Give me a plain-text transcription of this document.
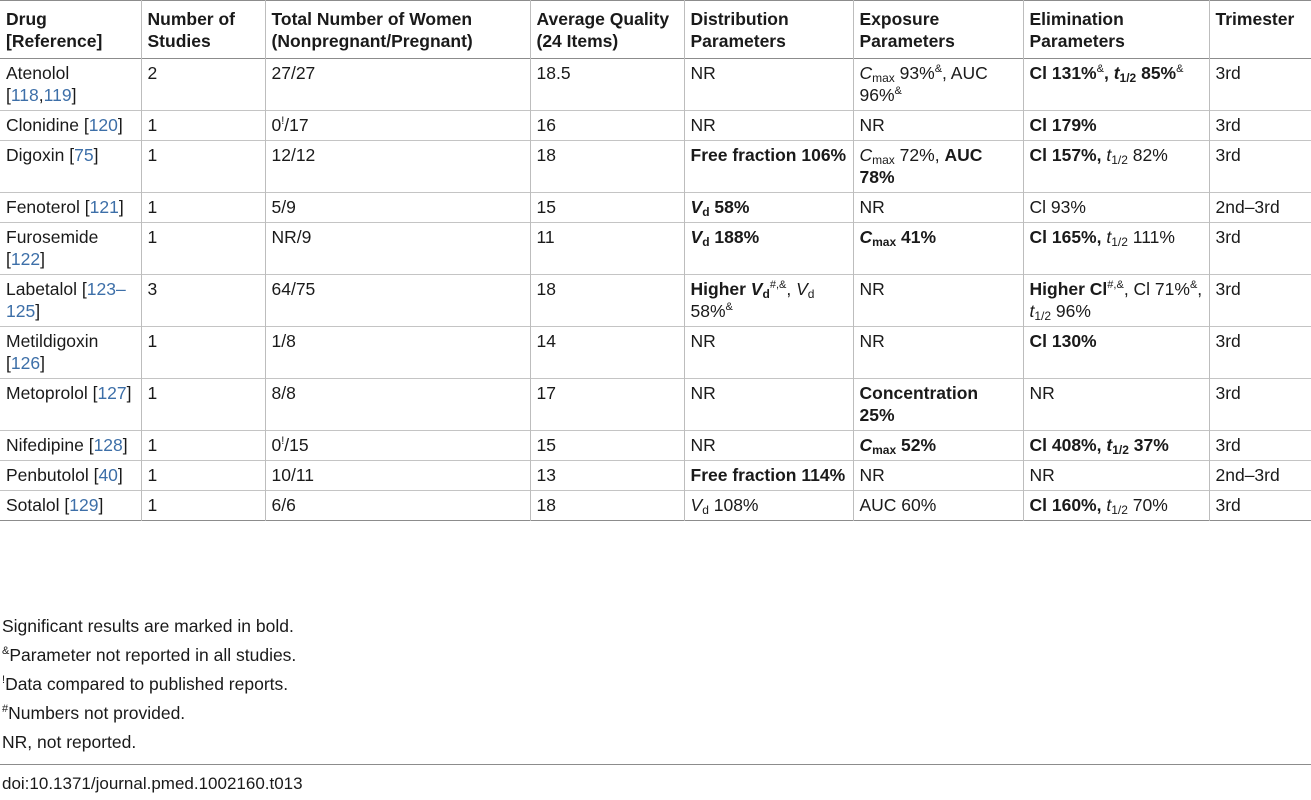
Drug [Reference]	Number of Studies	Total Number of Women (Nonpregnant/Pregnant)	Average Quality (24 Items)	Distribution Parameters	Exposure Parameters	Elimination Parameters	Trimester
Atenolol [118,119]	2	27/27	18.5	NR	$C_{max}$ 93%&, AUC 96%&	Cl 131%&, $t_{1/2}$ 85%&	3rd
Clonidine [120]	1	0!/17	16	NR	NR	Cl 179%	3rd
Digoxin [75]	1	12/12	18	Free fraction 106%	$C_{max}$ 72%, AUC 78%	Cl 157%, $t_{1/2}$ 82%	3rd
Fenoterol [121]	1	5/9	15	$V_d$ 58%	NR	Cl 93%	2nd–3rd
Furosemide [122]	1	NR/9	11	$V_d$ 188%	$C_{max}$ 41%	Cl 165%, $t_{1/2}$ 111%	3rd
Labetalol [123–125]	3	64/75	18	Higher $V_d^{\#,\&}$, $V_d$ 58%&	NR	Higher Cl#,&, Cl 71%&, $t_{1/2}$ 96%	3rd
Metildigoxin [126]	1	1/8	14	NR	NR	Cl 130%	3rd
Metoprolol [127]	1	8/8	17	NR	Concentration 25%	NR	3rd
Nifedipine [128]	1	0!/15	15	NR	$C_{max}$ 52%	Cl 408%, $t_{1/2}$ 37%	3rd
Penbutolol [40]	1	10/11	13	Free fraction 114%	NR	NR	2nd–3rd
Sotalol [129]	1	6/6	18	$V_d$ 108%	AUC 60%	Cl 160%, $t_{1/2}$ 70%	3rd

Significant results are marked in bold.

&Parameter not reported in all studies.

!Data compared to published reports.

#Numbers not provided.

NR, not reported.

doi:10.1371/journal.pmed.1002160.t013
